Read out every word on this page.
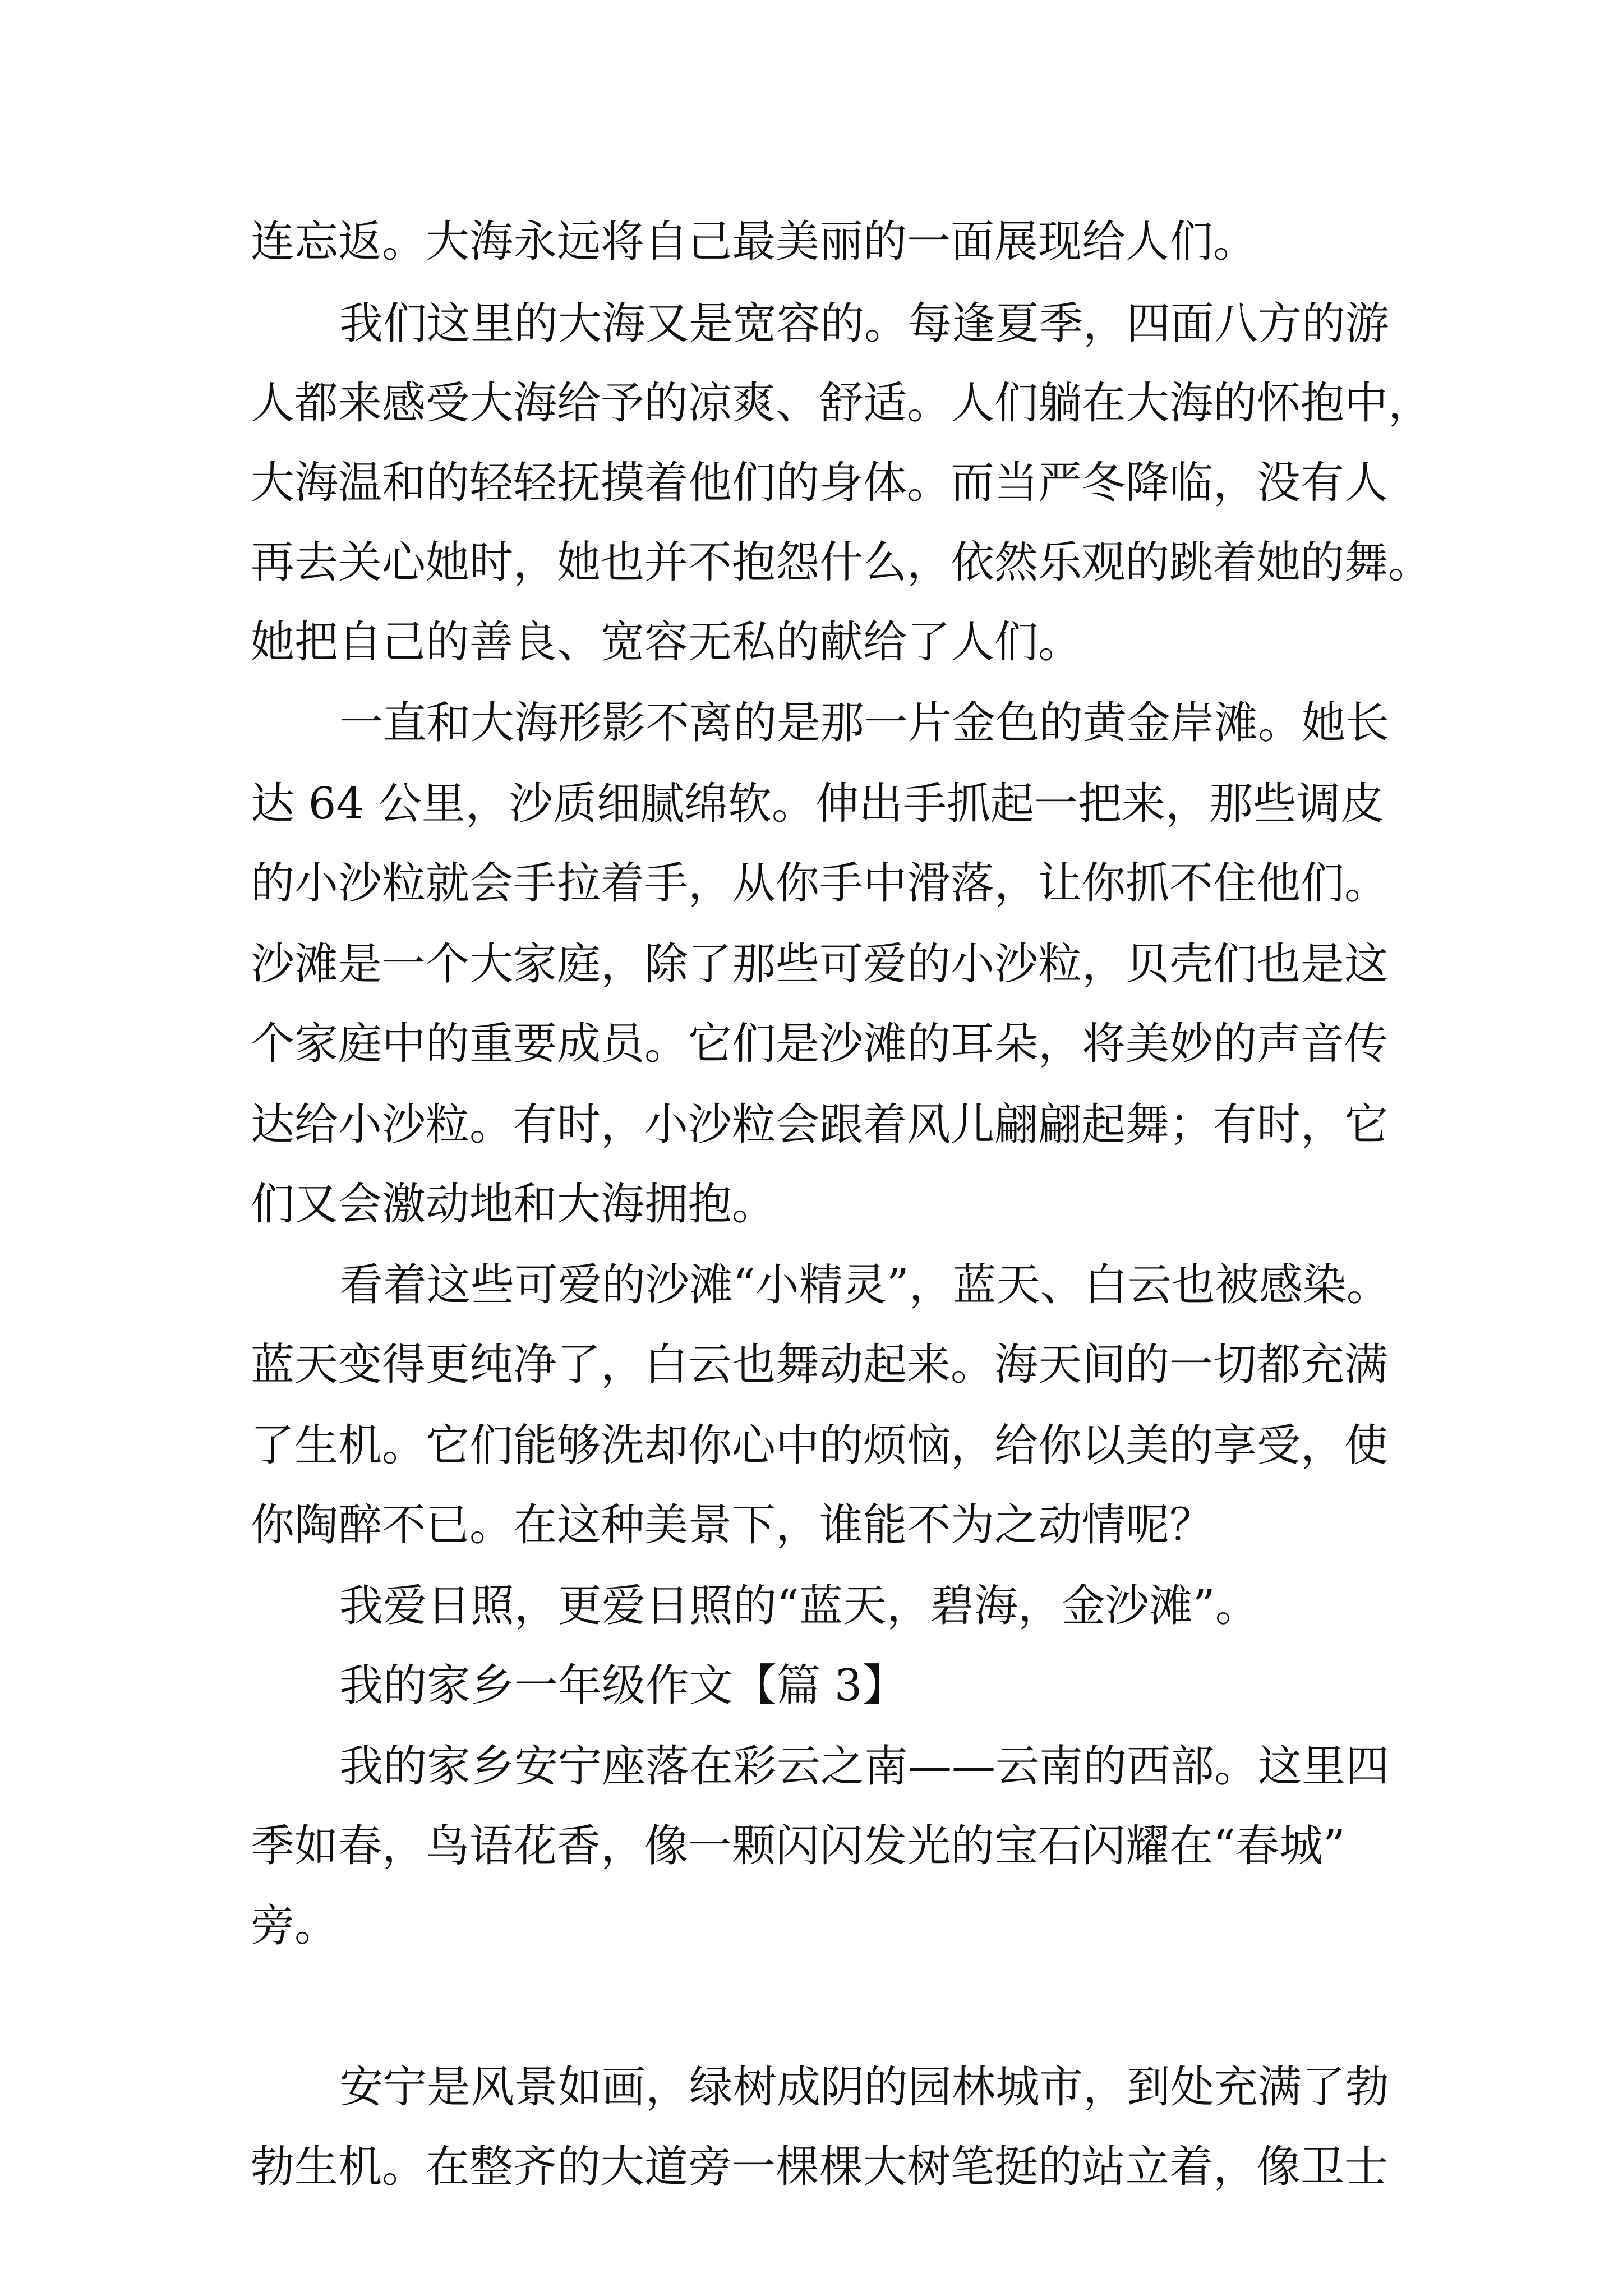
连忘返。大海永远将自己最美丽的一面展现给人们。
我们这里的大海又是宽容的。每逢夏季，四面八方的游
人都来感受大海给予的凉爽、舒适。人们躺在大海的怀抱中，
大海温和的轻轻抚摸着他们的身体。而当严冬降临，没有人
再去关心她时，她也并不抱怨什么，依然乐观的跳着她的舞。
她把自己的善良、宽容无私的献给了人们。
一直和大海形影不离的是那一片金色的黄金岸滩。她长
达 64 公里，沙质细腻绵软。伸出手抓起一把来，那些调皮
的小沙粒就会手拉着手，从你手中滑落，让你抓不住他们。
沙滩是一个大家庭，除了那些可爱的小沙粒，贝壳们也是这
个家庭中的重要成员。它们是沙滩的耳朵，将美妙的声音传
达给小沙粒。有时，小沙粒会跟着风儿翩翩起舞；有时，它
们又会激动地和大海拥抱。
看着这些可爱的沙滩“小精灵”，蓝天、白云也被感染。
蓝天变得更纯净了，白云也舞动起来。海天间的一切都充满
了生机。它们能够洗却你心中的烦恼，给你以美的享受，使
你陶醉不已。在这种美景下，谁能不为之动情呢？
我爱日照，更爱日照的“蓝天，碧海，金沙滩”。
我的家乡一年级作文【篇 3】
我的家乡安宁座落在彩云之南——云南的西部。这里四
季如春，鸟语花香，像一颗闪闪发光的宝石闪耀在“春城”
旁。
安宁是风景如画，绿树成阴的园林城市，到处充满了勃
勃生机。在整齐的大道旁一棵棵大树笔挺的站立着，像卫士
